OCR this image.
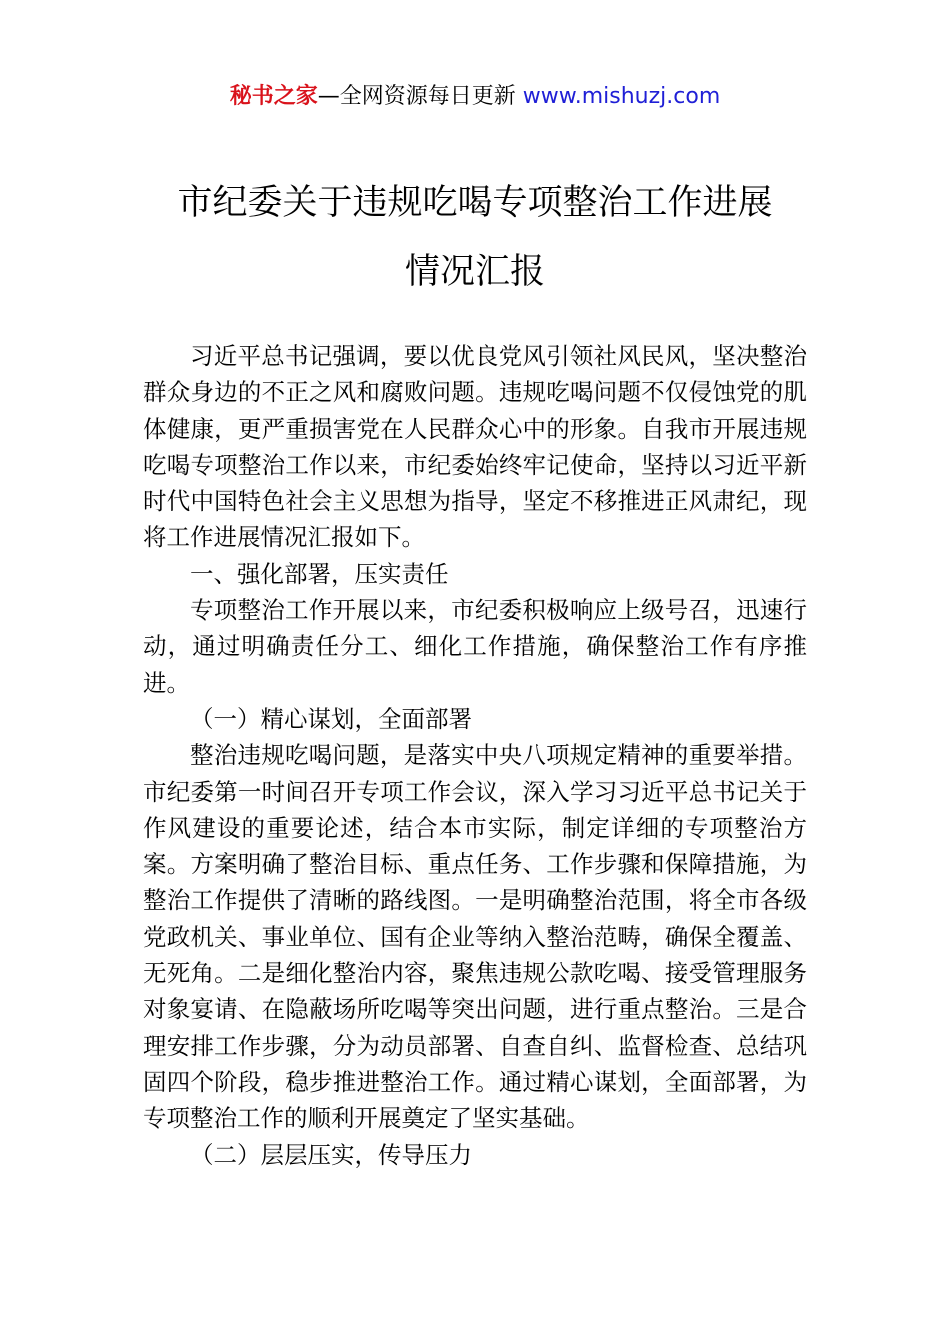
秘书之家—全网资源每日更新 www.mishuzj.com
市纪委关于违规吃喝专项整治工作进展
情况汇报

习近平总书记强调，要以优良党风引领社风民风，坚决整治群众身边的不正之风和腐败问题。违规吃喝问题不仅侵蚀党的肌体健康，更严重损害党在人民群众心中的形象。自我市开展违规吃喝专项整治工作以来，市纪委始终牢记使命，坚持以习近平新时代中国特色社会主义思想为指导，坚定不移推进正风肃纪，现将工作进展情况汇报如下。

一、强化部署，压实责任

专项整治工作开展以来，市纪委积极响应上级号召，迅速行动，通过明确责任分工、细化工作措施，确保整治工作有序推进。

（一）精心谋划，全面部署

整治违规吃喝问题，是落实中央八项规定精神的重要举措。市纪委第一时间召开专项工作会议，深入学习习近平总书记关于作风建设的重要论述，结合本市实际，制定详细的专项整治方案。方案明确了整治目标、重点任务、工作步骤和保障措施，为整治工作提供了清晰的路线图。一是明确整治范围，将全市各级党政机关、事业单位、国有企业等纳入整治范畴，确保全覆盖、无死角。二是细化整治内容，聚焦违规公款吃喝、接受管理服务对象宴请、在隐蔽场所吃喝等突出问题，进行重点整治。三是合理安排工作步骤，分为动员部署、自查自纠、监督检查、总结巩固四个阶段，稳步推进整治工作。通过精心谋划，全面部署，为专项整治工作的顺利开展奠定了坚实基础。

（二）层层压实，传导压力
